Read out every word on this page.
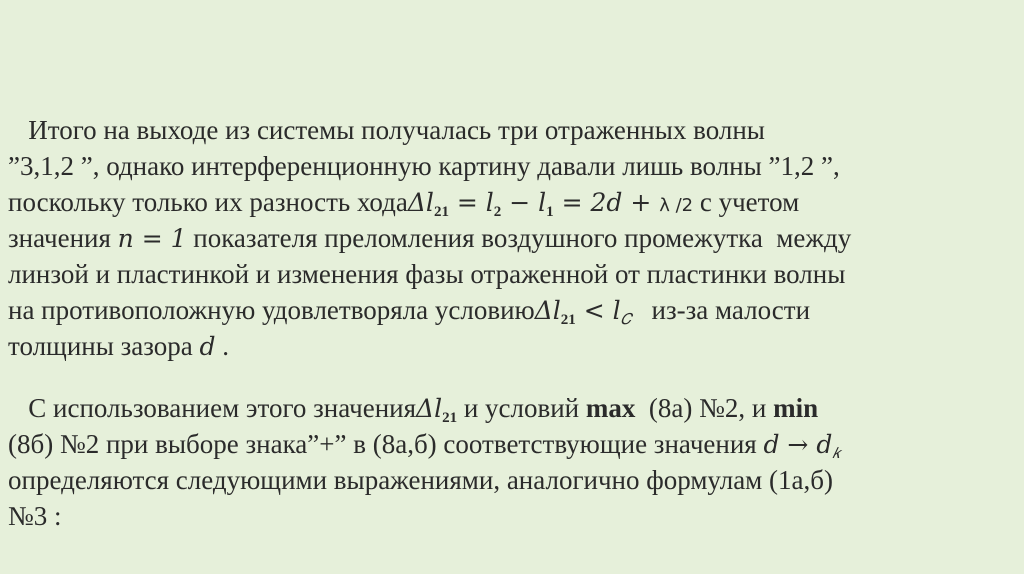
Итого на выходе из системы получалась три отраженных волны
”3,1,2 ”, однако интерференционную картину давали лишь волны ”1,2 ”,
поскольку только их разность ходаΔ𝑙$_{21}$ = 𝑙$_2$ − 𝑙$_1$ = 2𝑑 + λ /2 с учетом
значения 𝑛 = 1 показателя преломления воздушного промежутка  между
линзой и пластинкой и изменения фазы отраженной от пластинки волны
на противоположную удовлетворяла условиюΔ𝑙$_{21}$ < 𝑙𝐶   из-за малости
толщины зазора 𝑑 .
С использованием этого значенияΔ𝑙$_{21}$ и условий max  (8а) №2, и min
(8б) №2 при выборе знака”+” в (8а,б) соответствующие значения 𝑑 → 𝑑𝑘
определяются следующими выражениями, аналогично формулам (1а,б)
№3 :
